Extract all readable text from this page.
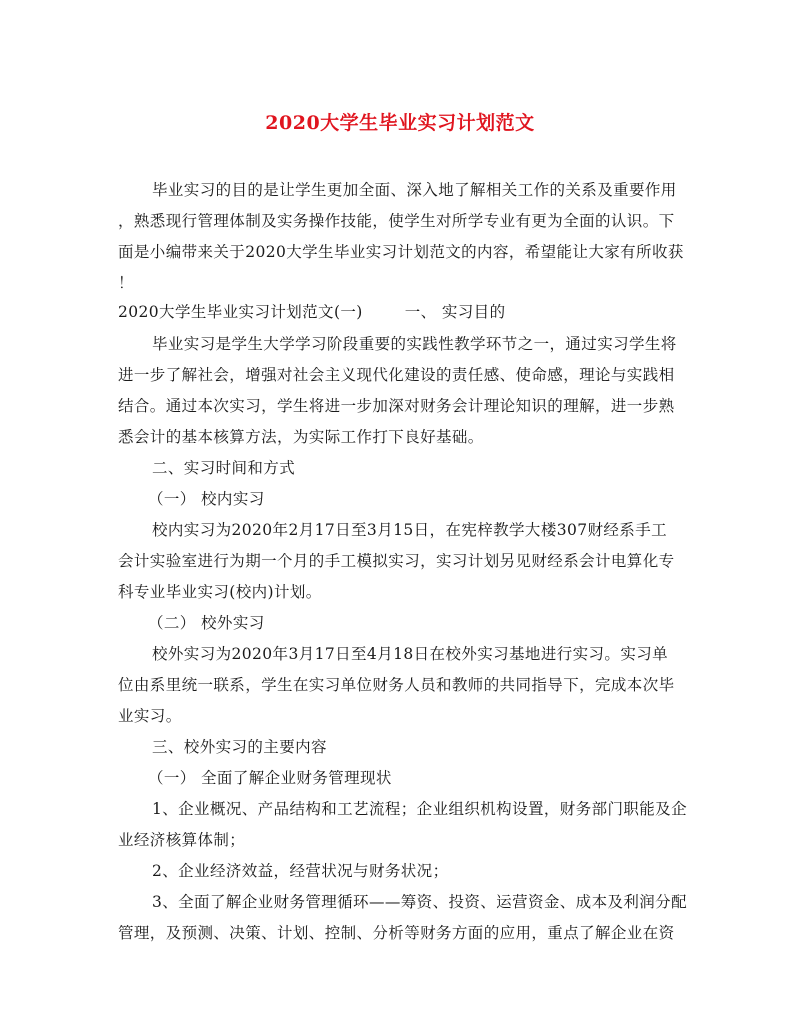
2020大学生毕业实习计划范文
毕业实习的目的是让学生更加全面、深入地了解相关工作的关系及重要作用
，熟悉现行管理体制及实务操作技能，使学生对所学专业有更为全面的认识。下
面是小编带来关于2020大学生毕业实习计划范文的内容，希望能让大家有所收获
！
2020大学生毕业实习计划范文(一)	一、 实习目的
毕业实习是学生大学学习阶段重要的实践性教学环节之一，通过实习学生将
进一步了解社会，增强对社会主义现代化建设的责任感、使命感，理论与实践相
结合。通过本次实习，学生将进一步加深对财务会计理论知识的理解，进一步熟
悉会计的基本核算方法，为实际工作打下良好基础。
二、实习时间和方式
（一） 校内实习
校内实习为2020年2月17日至3月15日，在宪梓教学大楼307财经系手工
会计实验室进行为期一个月的手工模拟实习，实习计划另见财经系会计电算化专
科专业毕业实习(校内)计划。
（二） 校外实习
校外实习为2020年3月17日至4月18日在校外实习基地进行实习。实习单
位由系里统一联系，学生在实习单位财务人员和教师的共同指导下，完成本次毕
业实习。
三、校外实习的主要内容
（一） 全面了解企业财务管理现状
1、企业概况、产品结构和工艺流程；企业组织机构设置，财务部门职能及企
业经济核算体制；
2、企业经济效益，经营状况与财务状况；
3、全面了解企业财务管理循环——筹资、投资、运营资金、成本及利润分配
管理，及预测、决策、计划、控制、分析等财务方面的应用，重点了解企业在资
